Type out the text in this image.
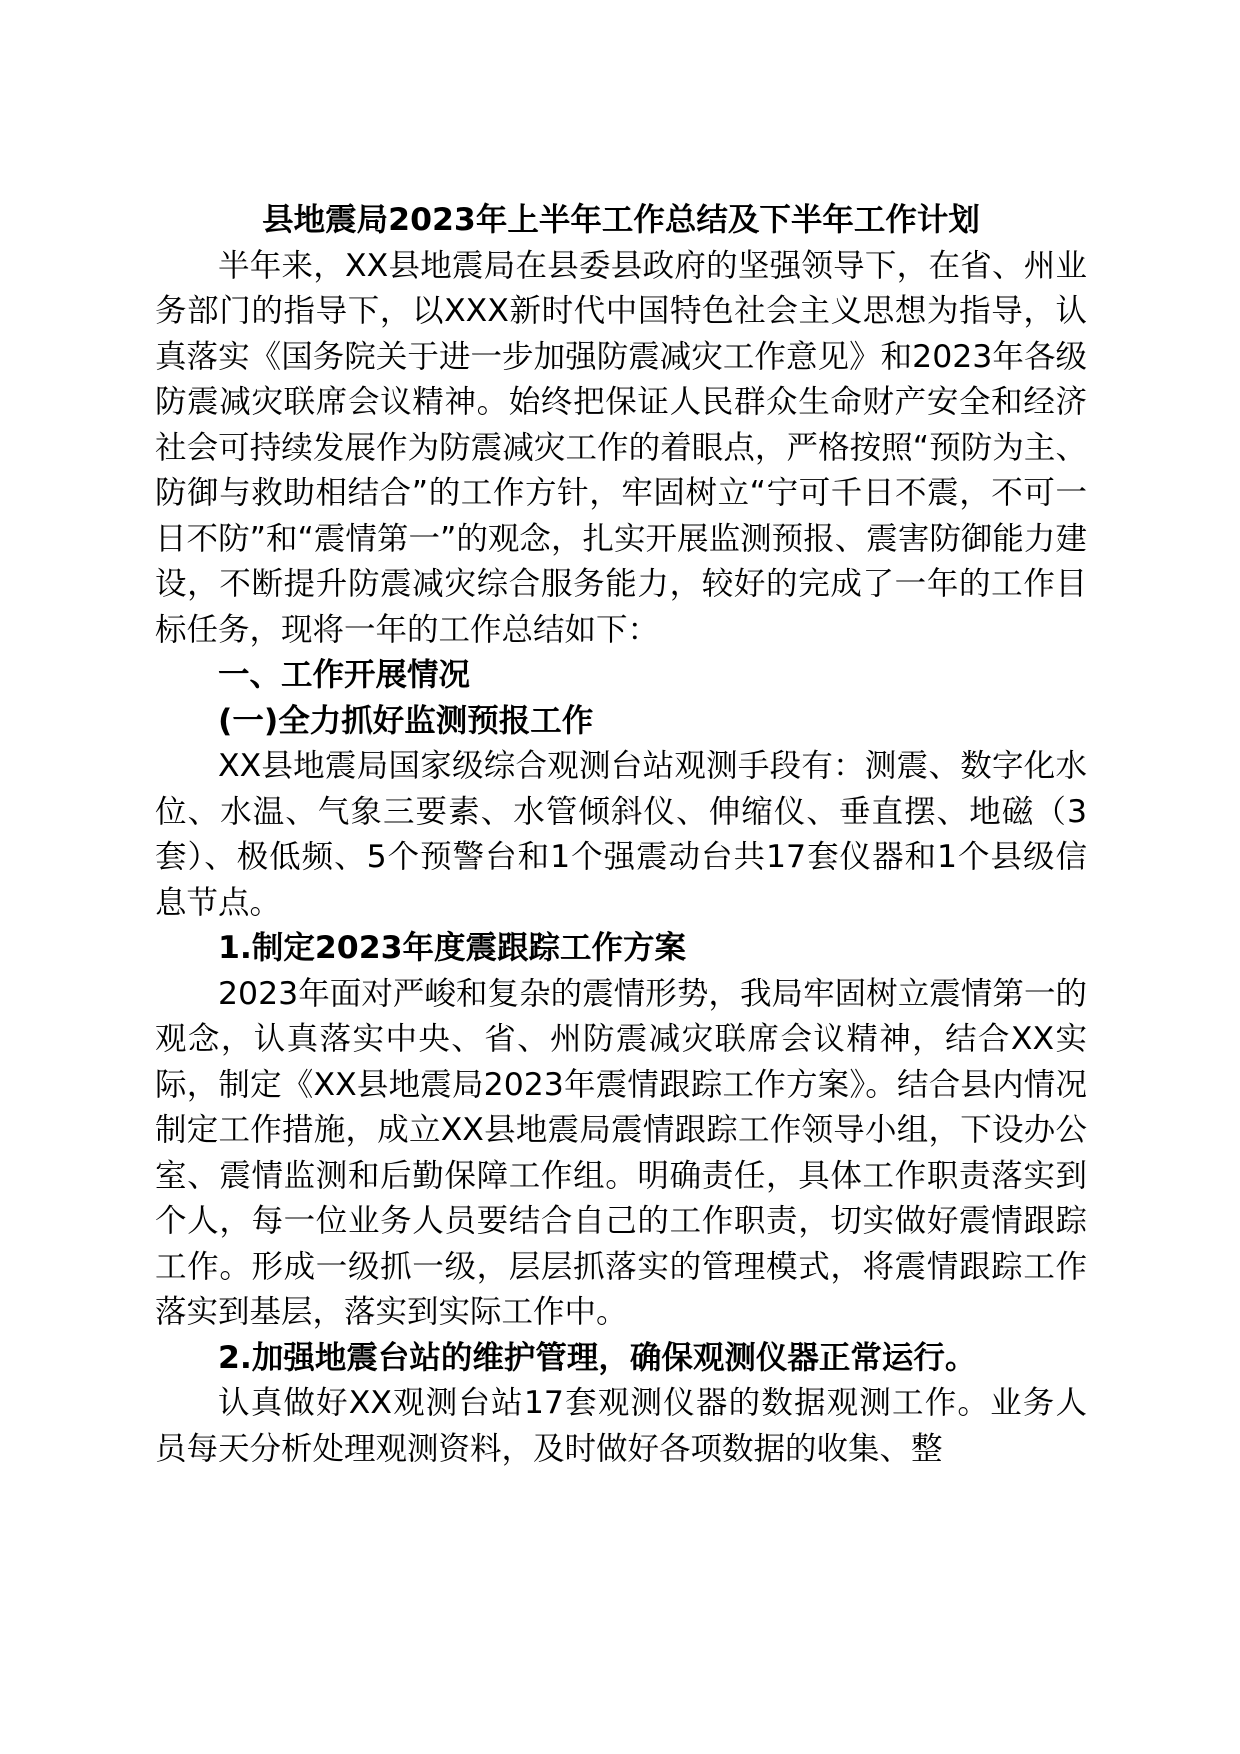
县地震局2023年上半年工作总结及下半年工作计划

半年来，XX县地震局在县委县政府的坚强领导下，在省、州业务部门的指导下，以XXX新时代中国特色社会主义思想为指导，认真落实《国务院关于进一步加强防震减灾工作意见》和2023年各级防震减灾联席会议精神。始终把保证人民群众生命财产安全和经济社会可持续发展作为防震减灾工作的着眼点，严格按照“预防为主、防御与救助相结合”的工作方针，牢固树立“宁可千日不震，不可一日不防”和“震情第一”的观念，扎实开展监测预报、震害防御能力建设，不断提升防震减灾综合服务能力，较好的完成了一年的工作目标任务，现将一年的工作总结如下：

一、工作开展情况

(一)全力抓好监测预报工作

XX县地震局国家级综合观测台站观测手段有：测震、数字化水位、水温、气象三要素、水管倾斜仪、伸缩仪、垂直摆、地磁（3套）、极低频、5个预警台和1个强震动台共17套仪器和1个县级信息节点。

1.制定2023年度震跟踪工作方案

2023年面对严峻和复杂的震情形势，我局牢固树立震情第一的观念，认真落实中央、省、州防震减灾联席会议精神，结合XX实际，制定《XX县地震局2023年震情跟踪工作方案》。结合县内情况制定工作措施，成立XX县地震局震情跟踪工作领导小组，下设办公室、震情监测和后勤保障工作组。明确责任，具体工作职责落实到个人，每一位业务人员要结合自己的工作职责，切实做好震情跟踪工作。形成一级抓一级，层层抓落实的管理模式，将震情跟踪工作落实到基层，落实到实际工作中。

2.加强地震台站的维护管理，确保观测仪器正常运行。

认真做好XX观测台站17套观测仪器的数据观测工作。业务人员每天分析处理观测资料，及时做好各项数据的收集、整
